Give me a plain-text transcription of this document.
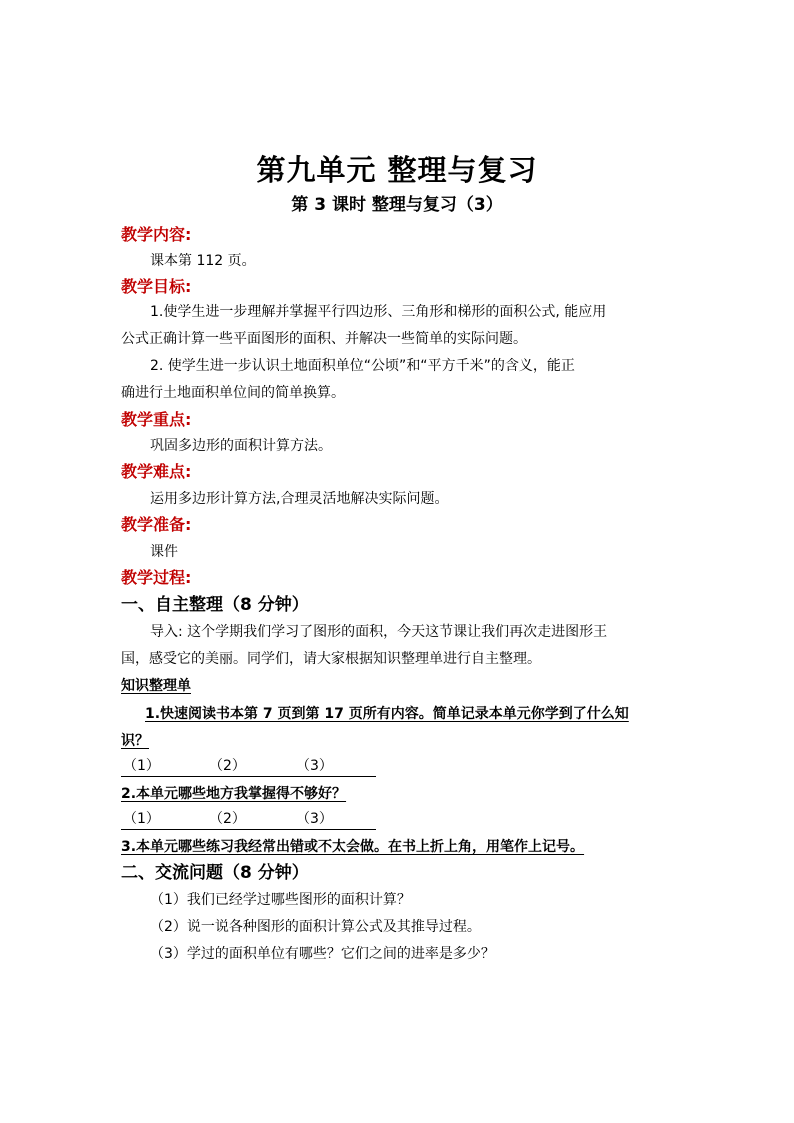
第九单元 整理与复习
第 3 课时 整理与复习（3）
教学内容:
课本第 112 页。
教学目标:
1.使学生进一步理解并掌握平行四边形、三角形和梯形的面积公式, 能应用
公式正确计算一些平面图形的面积、并解决一些简单的实际问题。
2. 使学生进一步认识土地面积单位“公顷”和“平方千米”的含义，能正
确进行土地面积单位间的简单换算。
教学重点:
巩固多边形的面积计算方法。
教学难点:
运用多边形计算方法,合理灵活地解决实际问题。
教学准备:
课件
教学过程:
一、自主整理（8 分钟）
导入: 这个学期我们学习了图形的面积，今天这节课让我们再次走进图形王
国，感受它的美丽。同学们，请大家根据知识整理单进行自主整理。
知识整理单
1.快速阅读书本第 7 页到第 17 页所有内容。简单记录本单元你学到了什么知
识？
（1）	（2）	（3）
2.本单元哪些地方我掌握得不够好？
（1）	（2）	（3）
3.本单元哪些练习我经常出错或不太会做。在书上折上角，用笔作上记号。
二、交流问题（8 分钟）
（1）我们已经学过哪些图形的面积计算？
（2）说一说各种图形的面积计算公式及其推导过程。
（3）学过的面积单位有哪些？它们之间的进率是多少？
